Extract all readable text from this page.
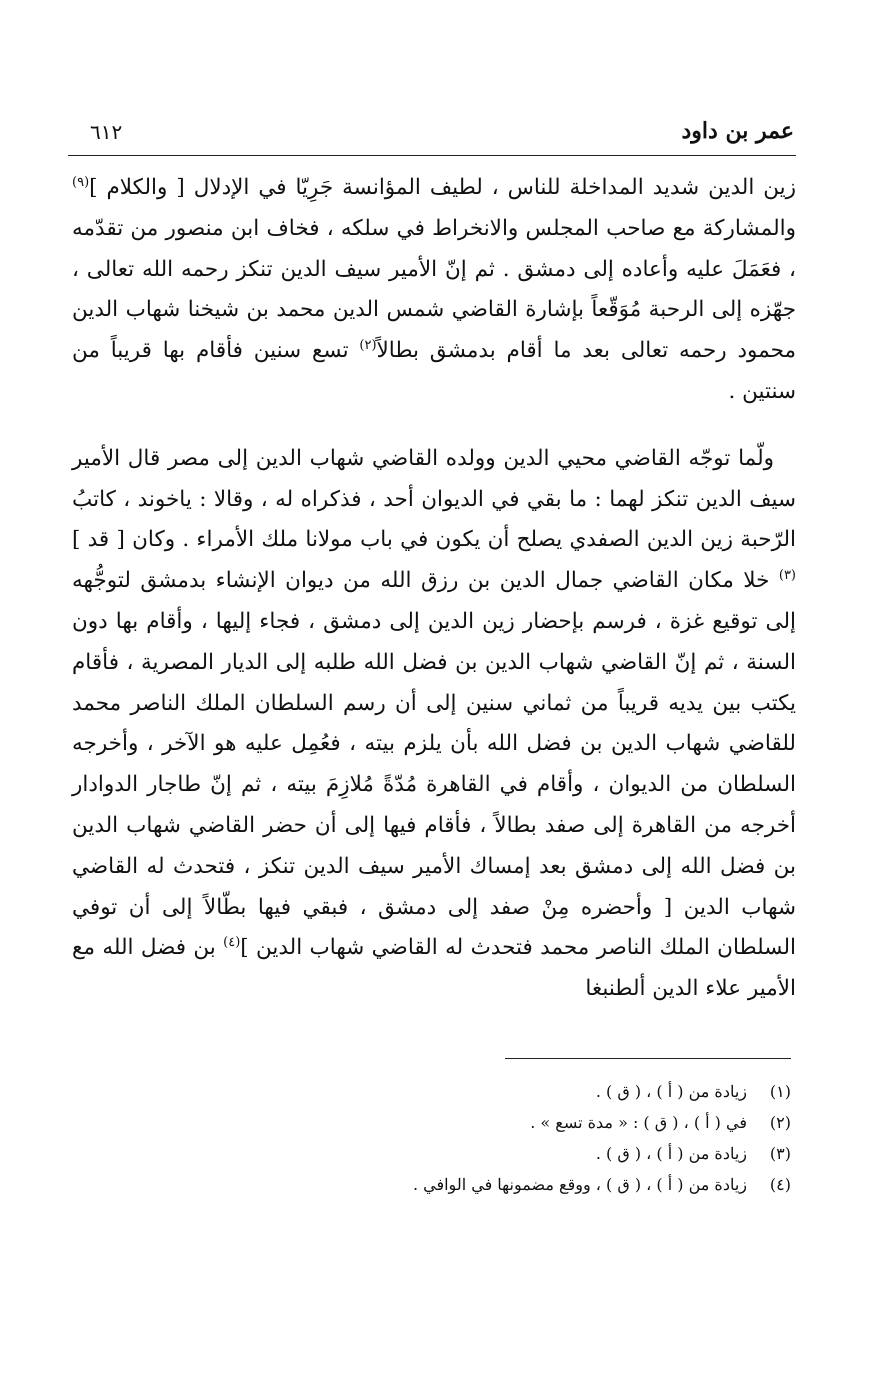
عمر بن داود
٦١٢

زين الدين شديد المداخلة للناس ، لطيف المؤانسة جَرِيّا في الإدلال [ والكلام ]$^{(٩)}$ والمشاركة مع صاحب المجلس والانخراط في سلكه ، فخاف ابن منصور من تقدّمه ، فعَمَلَ عليه وأعاده إلى دمشق . ثم إنّ الأمير سيف الدين تنكز رحمه الله تعالى ، جهّزه إلى الرحبة مُوَقّعاً بإشارة القاضي شمس الدين محمد بن شيخنا شهاب الدين محمود رحمه تعالى بعد ما أقام بدمشق بطالاً$^{(٢)}$ تسع سنين فأقام بها قريباً من سنتين .

ولّما توجّه القاضي محيي الدين وولده القاضي شهاب الدين إلى مصر قال الأمير سيف الدين تنكز لهما : ما بقي في الديوان أحد ، فذكراه له ، وقالا : ياخوند ، كاتبُ الرّحبة زين الدين الصفدي يصلح أن يكون في باب مولانا ملك الأمراء . وكان [ قد ]$^{(٣)}$ خلا مكان القاضي جمال الدين بن رزق الله من ديوان الإنشاء بدمشق لتوجُّهه إلى توقيع غزة ، فرسم بإحضار زين الدين إلى دمشق ، فجاء إليها ، وأقام بها دون السنة ، ثم إنّ القاضي شهاب الدين بن فضل الله طلبه إلى الديار المصرية ، فأقام يكتب بين يديه قريباً من ثماني سنين إلى أن رسم السلطان الملك الناصر محمد للقاضي شهاب الدين بن فضل الله بأن يلزم بيته ، فعُمِل عليه هو الآخر ، وأخرجه السلطان من الديوان ، وأقام في القاهرة مُدّةً مُلازِمَ بيته ، ثم إنّ طاجار الدوادار أخرجه من القاهرة إلى صفد بطالاً ، فأقام فيها إلى أن حضر القاضي شهاب الدين بن فضل الله إلى دمشق بعد إمساك الأمير سيف الدين تنكز ، فتحدث له القاضي شهاب الدين [ وأحضره مِنْ صفد إلى دمشق ، فبقي فيها بطّالاً إلى أن توفي السلطان الملك الناصر محمد فتحدث له القاضي شهاب الدين ]$^{(٤)}$ بن فضل الله مع الأمير علاء الدين ألطنبغا

(١)زيادة من ( أ ) ، ( ق ) .
(٢)في ( أ ) ، ( ق ) : « مدة تسع » .
(٣)زيادة من ( أ ) ، ( ق ) .
(٤)زيادة من ( أ ) ، ( ق ) ، ووقع مضمونها في الوافي .
